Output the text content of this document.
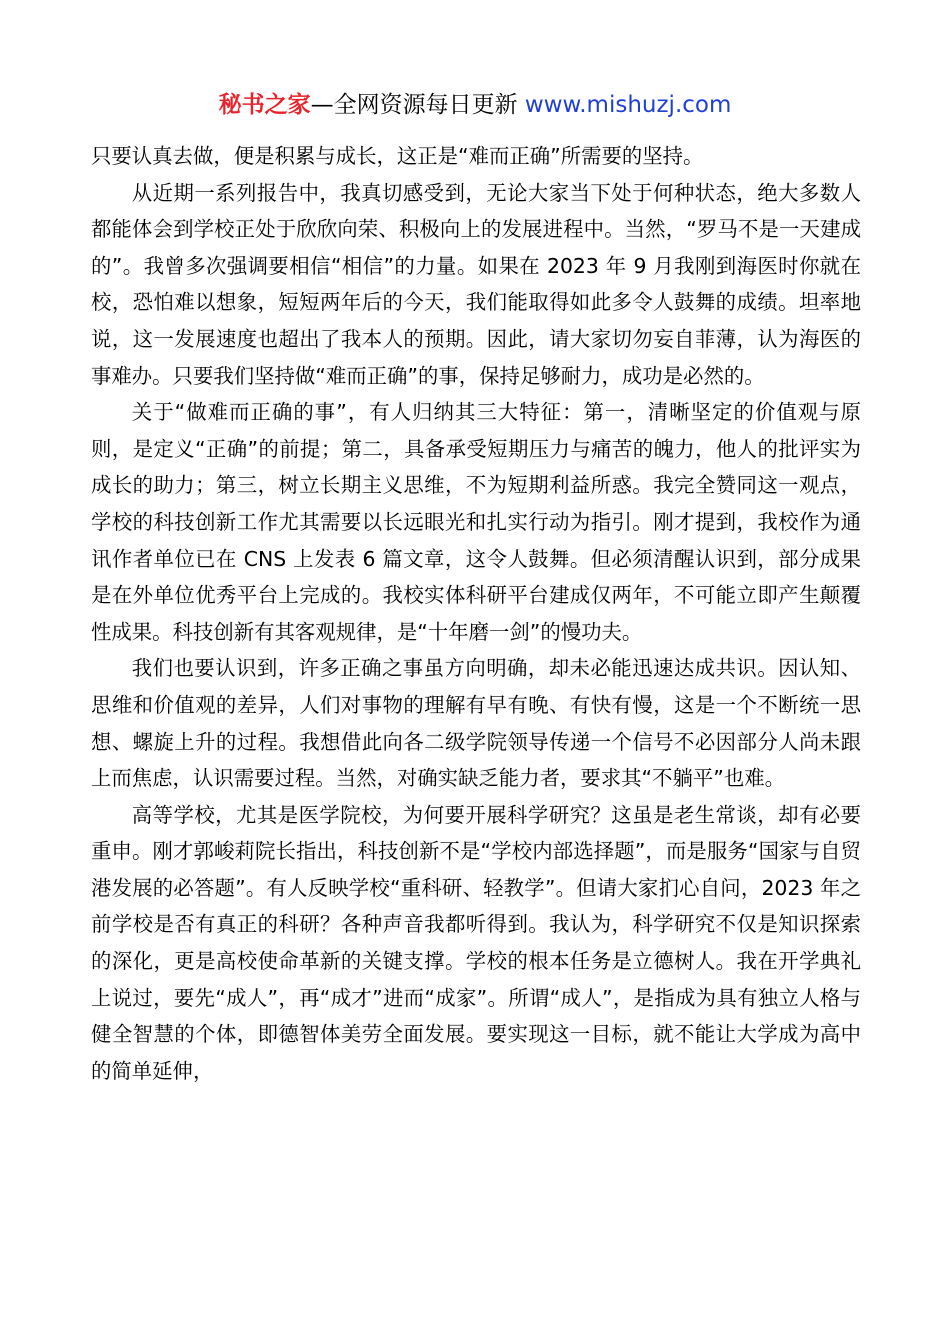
秘书之家—全网资源每日更新 www.mishuzj.com

只要认真去做，便是积累与成长，这正是“难而正确”所需要的坚持。

从近期一系列报告中，我真切感受到，无论大家当下处于何种状态，绝大多数人都能体会到学校正处于欣欣向荣、积极向上的发展进程中。当然，“罗马不是一天建成的”。我曾多次强调要相信“相信”的力量。如果在 2023 年 9 月我刚到海医时你就在校，恐怕难以想象，短短两年后的今天，我们能取得如此多令人鼓舞的成绩。坦率地说，这一发展速度也超出了我本人的预期。因此，请大家切勿妄自菲薄，认为海医的事难办。只要我们坚持做“难而正确”的事，保持足够耐力，成功是必然的。

关于“做难而正确的事”，有人归纳其三大特征：第一，清晰坚定的价值观与原则，是定义“正确”的前提；第二，具备承受短期压力与痛苦的魄力，他人的批评实为成长的助力；第三，树立长期主义思维，不为短期利益所惑。我完全赞同这一观点，学校的科技创新工作尤其需要以长远眼光和扎实行动为指引。刚才提到，我校作为通讯作者单位已在 CNS 上发表 6 篇文章，这令人鼓舞。但必须清醒认识到，部分成果是在外单位优秀平台上完成的。我校实体科研平台建成仅两年，不可能立即产生颠覆性成果。科技创新有其客观规律，是“十年磨一剑”的慢功夫。

我们也要认识到，许多正确之事虽方向明确，却未必能迅速达成共识。因认知、思维和价值观的差异，人们对事物的理解有早有晚、有快有慢，这是一个不断统一思想、螺旋上升的过程。我想借此向各二级学院领导传递一个信号不必因部分人尚未跟上而焦虑，认识需要过程。当然，对确实缺乏能力者，要求其“不躺平”也难。

高等学校，尤其是医学院校，为何要开展科学研究？这虽是老生常谈，却有必要重申。刚才郭峻莉院长指出，科技创新不是“学校内部选择题”，而是服务“国家与自贸港发展的必答题”。有人反映学校“重科研、轻教学”。但请大家扪心自问，2023 年之前学校是否有真正的科研？各种声音我都听得到。我认为，科学研究不仅是知识探索的深化，更是高校使命革新的关键支撑。学校的根本任务是立德树人。我在开学典礼上说过，要先“成人”，再“成才”进而“成家”。所谓“成人”，是指成为具有独立人格与健全智慧的个体，即德智体美劳全面发展。要实现这一目标，就不能让大学成为高中的简单延伸，
